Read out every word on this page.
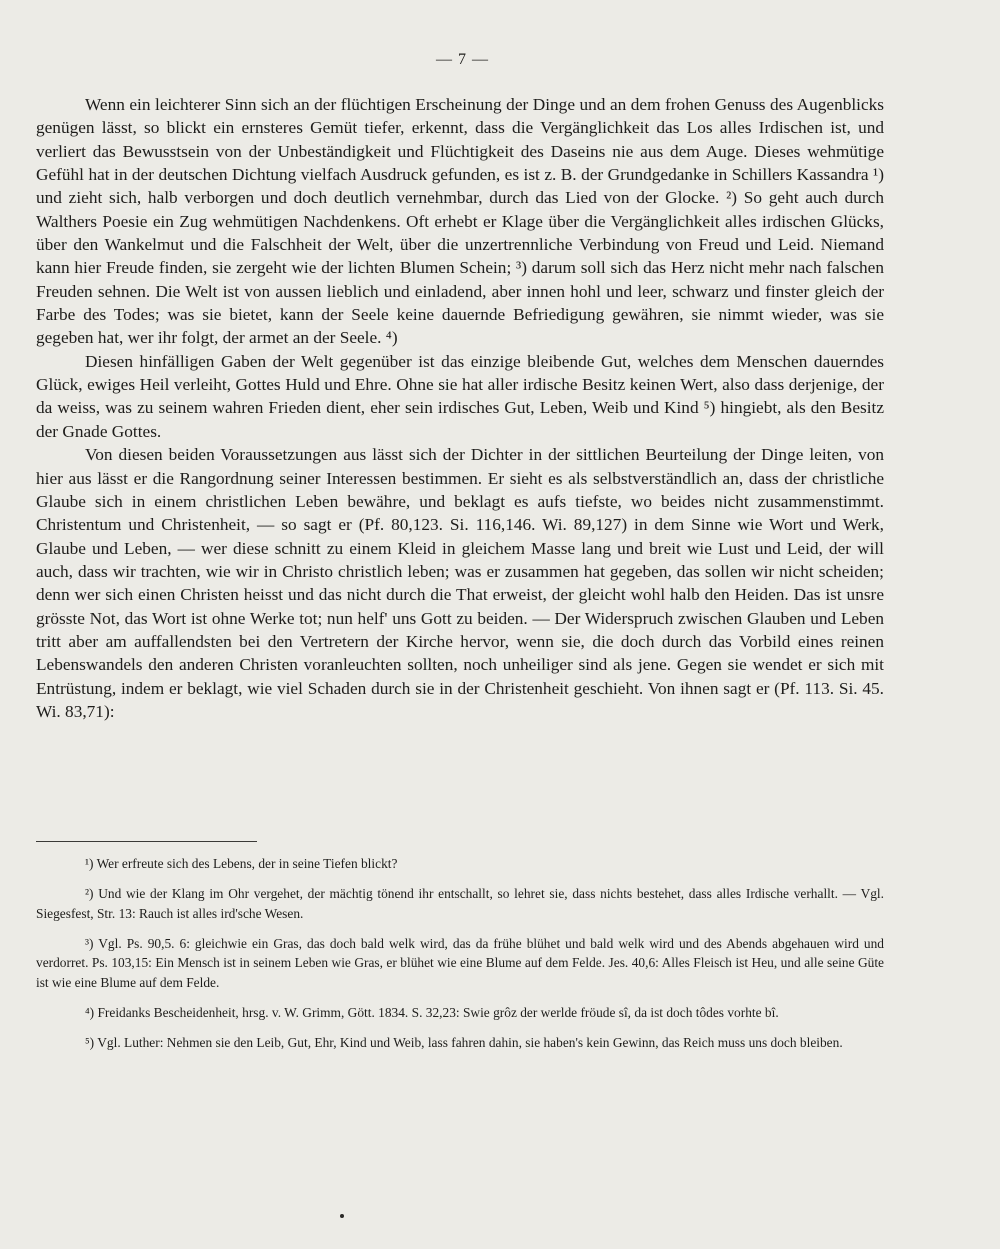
— 7 —

Wenn ein leichterer Sinn sich an der flüchtigen Erscheinung der Dinge und an dem frohen Genuss des Augenblicks genügen lässt, so blickt ein ernsteres Gemüt tiefer, erkennt, dass die Vergänglichkeit das Los alles Irdischen ist, und verliert das Bewusstsein von der Unbeständigkeit und Flüchtigkeit des Daseins nie aus dem Auge. Dieses wehmütige Gefühl hat in der deutschen Dichtung vielfach Ausdruck gefunden, es ist z. B. der Grundgedanke in Schillers Kassandra ¹) und zieht sich, halb verborgen und doch deutlich vernehmbar, durch das Lied von der Glocke. ²) So geht auch durch Walthers Poesie ein Zug wehmütigen Nachdenkens. Oft erhebt er Klage über die Vergänglichkeit alles irdischen Glücks, über den Wankelmut und die Falschheit der Welt, über die unzertrennliche Verbindung von Freud und Leid. Niemand kann hier Freude finden, sie zergeht wie der lichten Blumen Schein; ³) darum soll sich das Herz nicht mehr nach falschen Freuden sehnen. Die Welt ist von aussen lieblich und einladend, aber innen hohl und leer, schwarz und finster gleich der Farbe des Todes; was sie bietet, kann der Seele keine dauernde Befriedigung gewähren, sie nimmt wieder, was sie gegeben hat, wer ihr folgt, der armet an der Seele. ⁴)

Diesen hinfälligen Gaben der Welt gegenüber ist das einzige bleibende Gut, welches dem Menschen dauerndes Glück, ewiges Heil verleiht, Gottes Huld und Ehre. Ohne sie hat aller irdische Besitz keinen Wert, also dass derjenige, der da weiss, was zu seinem wahren Frieden dient, eher sein irdisches Gut, Leben, Weib und Kind ⁵) hingiebt, als den Besitz der Gnade Gottes.

Von diesen beiden Voraussetzungen aus lässt sich der Dichter in der sittlichen Beurteilung der Dinge leiten, von hier aus lässt er die Rangordnung seiner Interessen bestimmen. Er sieht es als selbstverständlich an, dass der christliche Glaube sich in einem christlichen Leben bewähre, und beklagt es aufs tiefste, wo beides nicht zusammenstimmt. Christentum und Christenheit, — so sagt er (Pf. 80,123. Si. 116,146. Wi. 89,127) in dem Sinne wie Wort und Werk, Glaube und Leben, — wer diese schnitt zu einem Kleid in gleichem Masse lang und breit wie Lust und Leid, der will auch, dass wir trachten, wie wir in Christo christlich leben; was er zusammen hat gegeben, das sollen wir nicht scheiden; denn wer sich einen Christen heisst und das nicht durch die That erweist, der gleicht wohl halb den Heiden. Das ist unsre grösste Not, das Wort ist ohne Werke tot; nun helf' uns Gott zu beiden. — Der Widerspruch zwischen Glauben und Leben tritt aber am auffallendsten bei den Vertretern der Kirche hervor, wenn sie, die doch durch das Vorbild eines reinen Lebenswandels den anderen Christen voranleuchten sollten, noch unheiliger sind als jene. Gegen sie wendet er sich mit Entrüstung, indem er beklagt, wie viel Schaden durch sie in der Christenheit geschieht. Von ihnen sagt er (Pf. 113. Si. 45. Wi. 83,71):

¹) Wer erfreute sich des Lebens, der in seine Tiefen blickt?

²) Und wie der Klang im Ohr vergehet, der mächtig tönend ihr entschallt, so lehret sie, dass nichts bestehet, dass alles Irdische verhallt. — Vgl. Siegesfest, Str. 13: Rauch ist alles ird'sche Wesen.

³) Vgl. Ps. 90,5. 6: gleichwie ein Gras, das doch bald welk wird, das da frühe blühet und bald welk wird und des Abends abgehauen wird und verdorret. Ps. 103,15: Ein Mensch ist in seinem Leben wie Gras, er blühet wie eine Blume auf dem Felde. Jes. 40,6: Alles Fleisch ist Heu, und alle seine Güte ist wie eine Blume auf dem Felde.

⁴) Freidanks Bescheidenheit, hrsg. v. W. Grimm, Gött. 1834. S. 32,23: Swie grôz der werlde fröude sî, da ist doch tôdes vorhte bî.

⁵) Vgl. Luther: Nehmen sie den Leib, Gut, Ehr, Kind und Weib, lass fahren dahin, sie haben's kein Gewinn, das Reich muss uns doch bleiben.
